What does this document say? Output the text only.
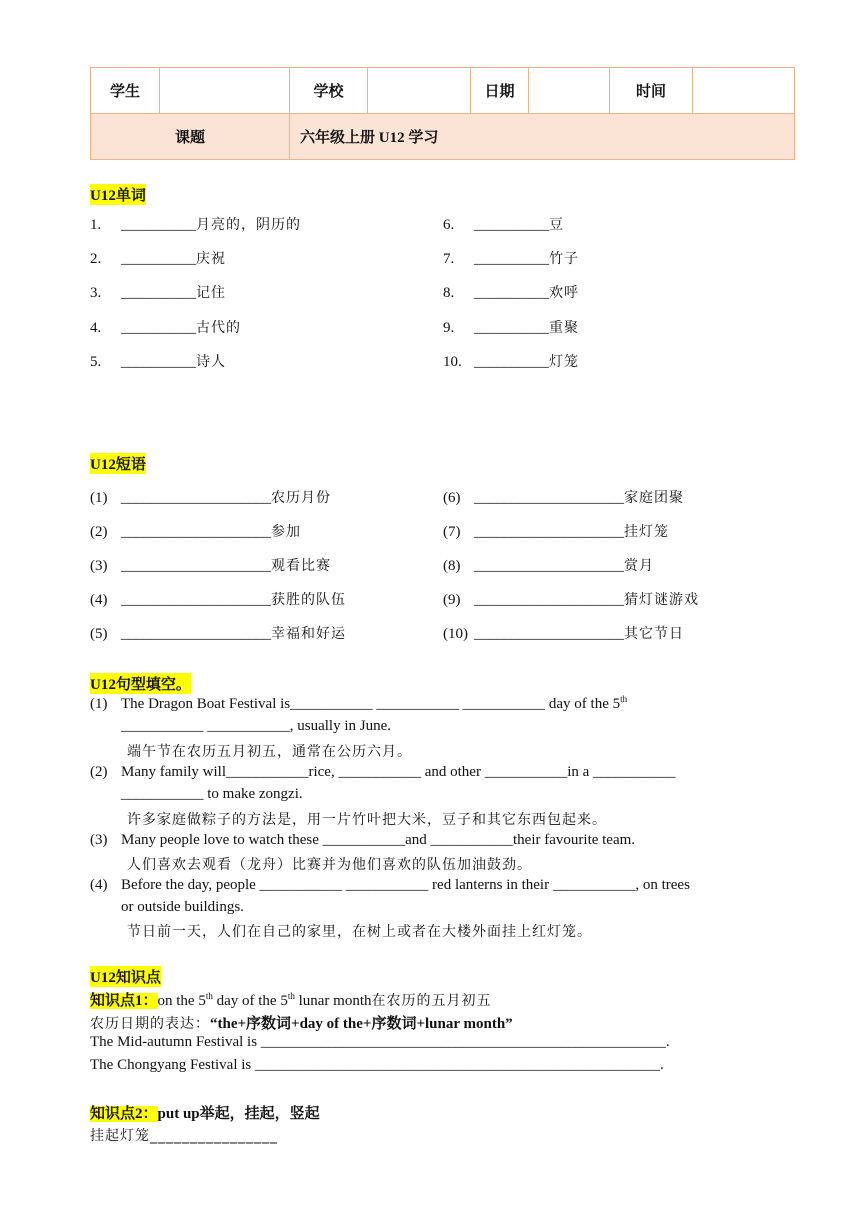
学生		学校		日期		时间	
课题		六年级上册 U12 学习					
U12单词
1. __________月亮的，阴历的
2. __________庆祝
3. __________记住
4. __________古代的
5. __________诗人
6. __________豆
7. __________竹子
8. __________欢呼
9. __________重聚
10. __________灯笼
U12短语
(1) ____________________农历月份
(2) ____________________参加
(3) ____________________观看比赛
(4) ____________________获胜的队伍
(5) ____________________幸福和好运
(6) ____________________家庭团聚
(7) ____________________挂灯笼
(8) ____________________赏月
(9) ____________________猜灯谜游戏
(10) ____________________其它节日
U12句型填空。
(1) The Dragon Boat Festival is___________ ___________ ___________ day of the 5th
___________ ___________, usually in June.
端午节在农历五月初五，通常在公历六月。
(2) Many family will___________rice, ___________ and other ___________in a ___________
___________ to make zongzi.
许多家庭做粽子的方法是，用一片竹叶把大米，豆子和其它东西包起来。
(3) Many people love to watch these ___________and ___________their favourite team.
人们喜欢去观看（龙舟）比赛并为他们喜欢的队伍加油鼓劲。
(4) Before the day, people ___________ ___________ red lanterns in their ___________, on trees
or outside buildings.
节日前一天，人们在自己的家里，在树上或者在大楼外面挂上红灯笼。
U12知识点
知识点1：on the 5th day of the 5th lunar month在农历的五月初五
农历日期的表达：“the+序数词+day of the+序数词+lunar month”
The Mid-autumn Festival is ______________________________________________________.
The Chongyang Festival is ______________________________________________________.
知识点2：put up举起，挂起，竖起
挂起灯笼________________
